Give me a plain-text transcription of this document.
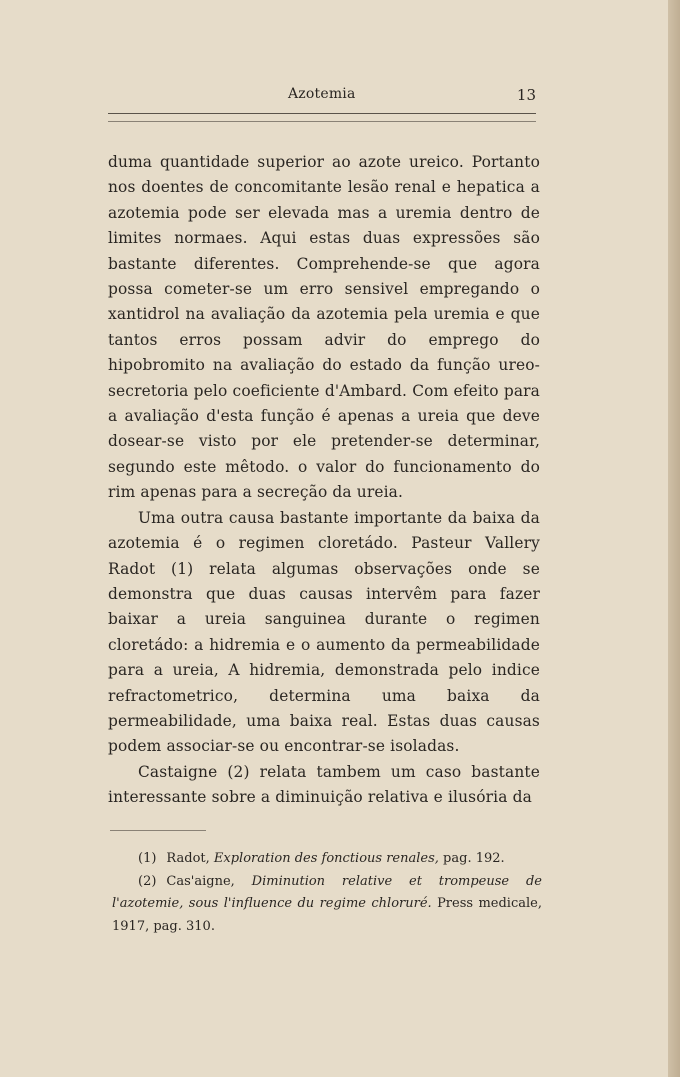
Azotemia	13

duma quantidade superior ao azote ureico. Portanto nos doentes de concomitante lesão renal e hepatica a azotemia pode ser elevada mas a uremia dentro de limites normaes. Aqui estas duas expressões são bastante diferentes. Comprehende-se que agora possa cometer-se um erro sensivel empregando o xantidrol na avaliação da azotemia pela uremia e que tantos erros possam advir do emprego do hipobromito na avaliação do estado da função ureo-secretoria pelo coeficiente d'Ambard. Com efeito para a avaliação d'esta função é apenas a ureia que deve dosear-se visto por ele pretender-se determinar, segundo este mêtodo. o valor do funcionamento do rim apenas para a secreção da ureia.

Uma outra causa bastante importante da baixa da azotemia é o regimen cloretádo. Pasteur Vallery Radot (1) relata algumas observações onde se demonstra que duas causas intervêm para fazer baixar a ureia sanguinea durante o regimen cloretádo: a hidremia e o aumento da permeabilidade para a ureia, A hidremia, demonstrada pelo indice refractometrico, determina uma baixa da permeabilidade, uma baixa real. Estas duas causas podem associar-se ou encontrar-se isoladas.

Castaigne (2) relata tambem um caso bastante interessante sobre a diminuição relativa e ilusória da

(1) Radot, Exploration des fonctious renales, pag. 192.

(2) Cas'aigne, Diminution relative et trompeuse de l'azotemie, sous l'influence du regime chloruré. Press medicale, 1917, pag. 310.
